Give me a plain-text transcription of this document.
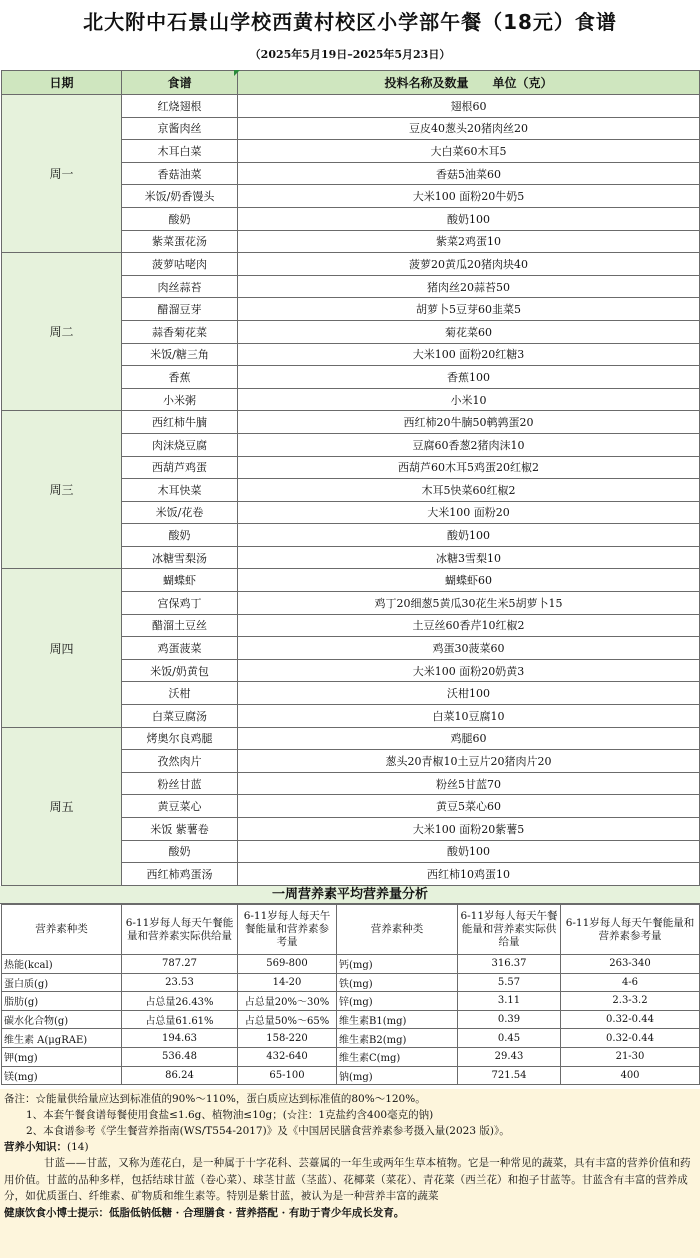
北大附中石景山学校西黄村校区小学部午餐（18元）食谱
（2025年5月19日–2025年5月23日）
日期	食谱	投料名称及数量　　单位（克）
周一	红烧翅根	翅根60
	京酱肉丝	豆皮40葱头20猪肉丝20
	木耳白菜	大白菜60木耳5
	香菇油菜	香菇5油菜60
	米饭/奶香馒头	大米100 面粉20牛奶5
	酸奶	酸奶100
	紫菜蛋花汤	紫菜2鸡蛋10
周二	菠萝咕咾肉	菠萝20黄瓜20猪肉块40
	肉丝蒜苔	猪肉丝20蒜苔50
	醋溜豆芽	胡萝卜5豆芽60韭菜5
	蒜香菊花菜	菊花菜60
	米饭/糖三角	大米100 面粉20红糖3
	香蕉	香蕉100
	小米粥	小米10
周三	西红柿牛腩	西红柿20牛腩50鹌鹑蛋20
	肉沫烧豆腐	豆腐60香葱2猪肉沫10
	西葫芦鸡蛋	西葫芦60木耳5鸡蛋20红椒2
	木耳快菜	木耳5快菜60红椒2
	米饭/花卷	大米100 面粉20
	酸奶	酸奶100
	冰糖雪梨汤	冰糖3雪梨10
周四	蝴蝶虾	蝴蝶虾60
	宫保鸡丁	鸡丁20细葱5黄瓜30花生米5胡萝卜15
	醋溜土豆丝	土豆丝60香芹10红椒2
	鸡蛋菠菜	鸡蛋30菠菜60
	米饭/奶黄包	大米100 面粉20奶黄3
	沃柑	沃柑100
	白菜豆腐汤	白菜10豆腐10
周五	烤奥尔良鸡腿	鸡腿60
	孜然肉片	葱头20青椒10土豆片20猪肉片20
	粉丝甘蓝	粉丝5甘蓝70
	黄豆菜心	黄豆5菜心60
	米饭 紫薯卷	大米100 面粉20紫薯5
	酸奶	酸奶100
	西红柿鸡蛋汤	西红柿10鸡蛋10
一周营养素平均营养量分析
营养素种类	6-11岁每人每天午餐能量和营养素实际供给量	6-11岁每人每天午餐能量和营养素参考量	营养素种类	6-11岁每人每天午餐能量和营养素实际供给量	6-11岁每人每天午餐能量和营养素参考量
热能(kcal)	787.27	569-800	钙(mg)	316.37	263-340
蛋白质(g)	23.53	14-20	铁(mg)	5.57	4-6
脂肪(g)	占总量26.43%	占总量20%～30%	锌(mg)	3.11	2.3-3.2
碳水化合物(g)	占总量61.61%	占总量50%～65%	维生素B1(mg)	0.39	0.32-0.44
维生素 A(μgRAE)	194.63	158-220	维生素B2(mg)	0.45	0.32-0.44
钾(mg)	536.48	432-640	维生素C(mg)	29.43	21-30
镁(mg)	86.24	65-100	钠(mg)	721.54	400
备注：☆能量供给量应达到标准值的90%～110%，蛋白质应达到标准值的80%～120%。
1、本套午餐食谱每餐使用食盐≤1.6g、植物油≤10g；(☆注：1克盐约含400毫克的钠)
2、本食谱参考《学生餐营养指南(WS/T554-2017)》及《中国居民膳食营养素参考摄入量(2023 版)》。
营养小知识：(14)
甘蓝——甘蓝，又称为莲花白，是一种属于十字花科、芸薹属的一年生或两年生草本植物。它是一种常见的蔬菜，具有丰富的营养价值和药用价值。甘蓝的品种多样，包括结球甘蓝（卷心菜）、球茎甘蓝（茎蓝）、花椰菜（菜花）、青花菜（西兰花）和抱子甘蓝等。甘蓝含有丰富的营养成分，如优质蛋白、纤维素、矿物质和维生素等。特别是紫甘蓝，被认为是一种营养丰富的蔬菜
健康饮食小博士提示：低脂低钠低糖 · 合理膳食 · 营养搭配 · 有助于青少年成长发育。
